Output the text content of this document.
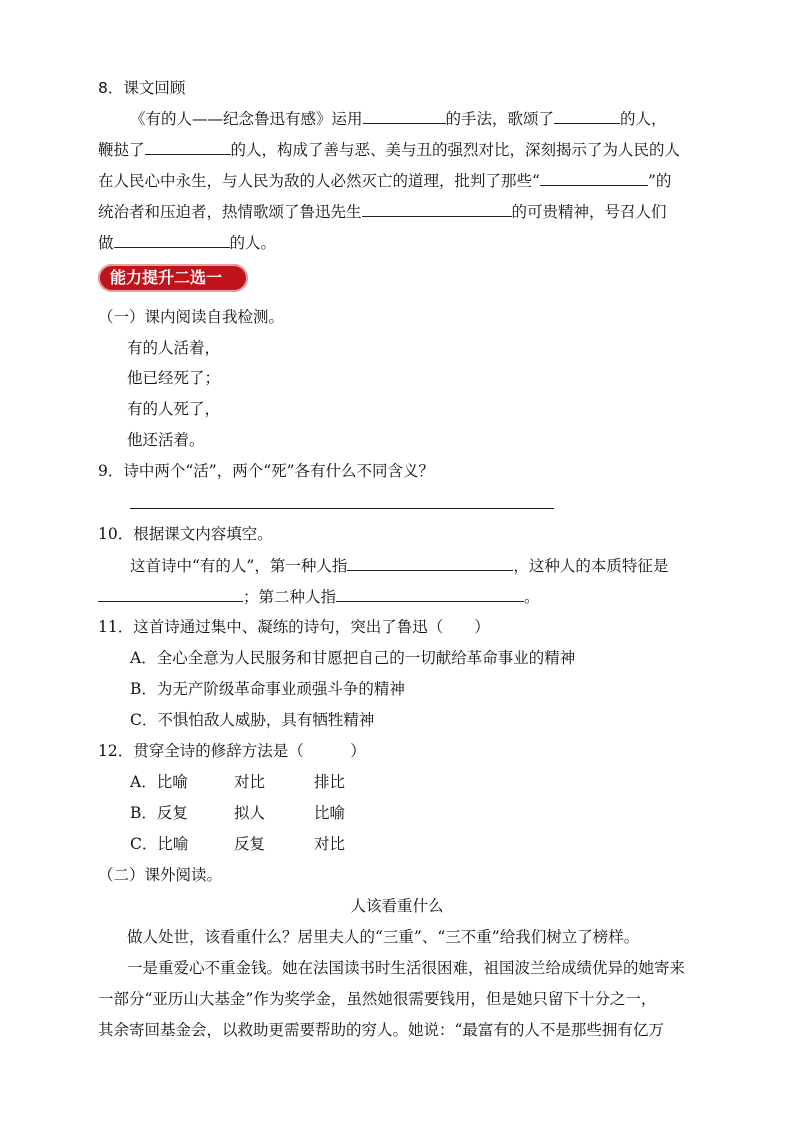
8．课文回顾
《有的人——纪念鲁迅有感》运用	的手法，歌颂了	的人，
鞭挞了	的人，构成了善与恶、美与丑的强烈对比，深刻揭示了为人民的人
在人民心中永生，与人民为敌的人必然灭亡的道理，批判了那些“	”的
统治者和压迫者，热情歌颂了鲁迅先生	的可贵精神，号召人们
做	的人。
能力提升二选一
（一）课内阅读自我检测。
有的人活着，
他已经死了；
有的人死了，
他还活着。
9．诗中两个“活”，两个“死”各有什么不同含义？
10．根据课文内容填空。
这首诗中“有的人”，第一种人指	，这种人的本质特征是
；第二种人指	。
11．这首诗通过集中、凝练的诗句，突出了鲁迅（　　）
A．全心全意为人民服务和甘愿把自己的一切献给革命事业的精神
B．为无产阶级革命事业顽强斗争的精神
C．不惧怕敌人威胁，具有牺牲精神
12．贯穿全诗的修辞方法是（　　　）
A．比喻	对比	排比
B．反复	拟人	比喻
C．比喻	反复	对比
（二）课外阅读。
人该看重什么
做人处世，该看重什么？居里夫人的“三重”、“三不重”给我们树立了榜样。
一是重爱心不重金钱。她在法国读书时生活很困难，祖国波兰给成绩优异的她寄来
一部分“亚历山大基金”作为奖学金，虽然她很需要钱用，但是她只留下十分之一，
其余寄回基金会，以救助更需要帮助的穷人。她说：“最富有的人不是那些拥有亿万
